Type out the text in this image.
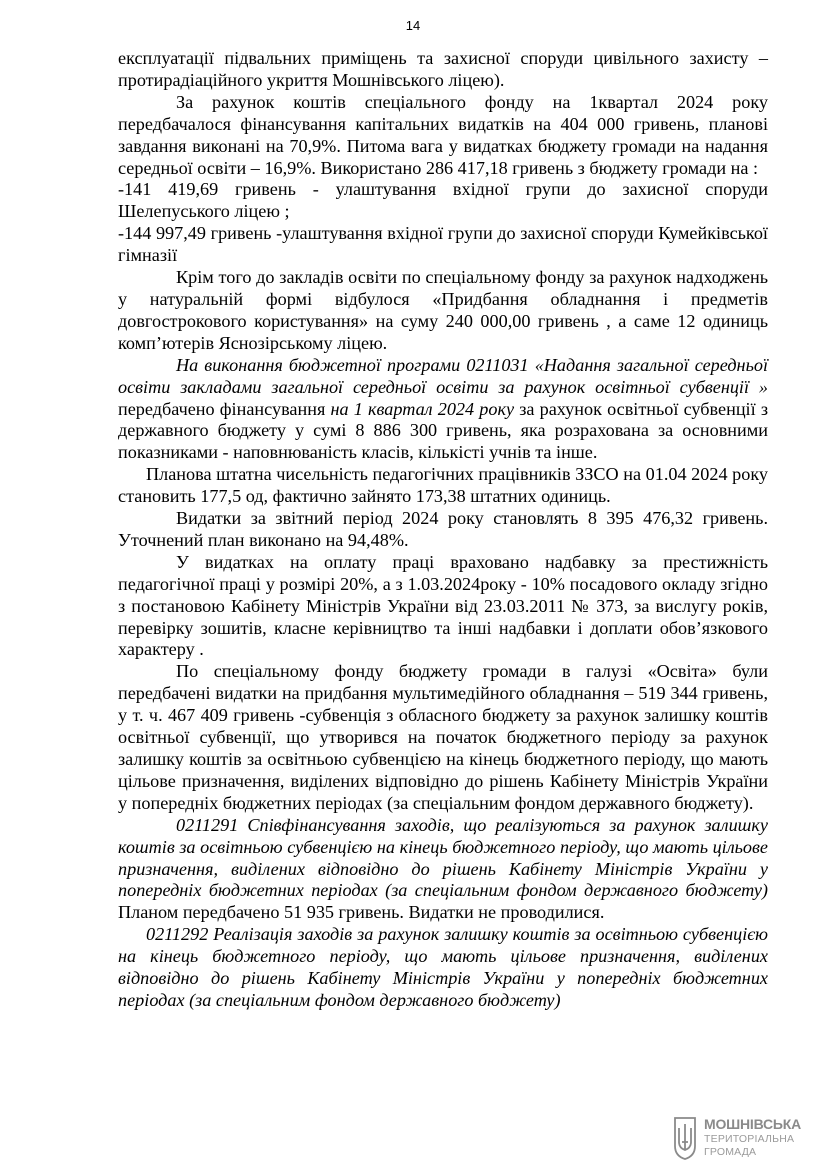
14

експлуатації підвальних приміщень та захисної споруди цивільного захисту – протирадіаційного укриття Мошнівського ліцею).

За рахунок коштів спеціального фонду на 1квартал 2024 року передбачалося фінансування капітальних видатків на 404 000 гривень, планові завдання виконані на 70,9%. Питома вага у видатках бюджету громади на надання середньої освіти – 16,9%. Використано 286 417,18 гривень з бюджету громади на :

-141 419,69 гривень - улаштування вхідної групи до захисної споруди Шелепуського ліцею ;

-144 997,49 гривень -улаштування вхідної групи до захисної споруди Кумейківської гімназії

Крім того до закладів освіти по спеціальному фонду за рахунок надходжень у натуральній формі відбулося «Придбання обладнання і предметів довгострокового користування» на суму 240 000,00 гривень , а саме 12 одиниць комп’ютерів Яснозірському ліцею.

На виконання бюджетної програми 0211031 «Надання загальної середньої освіти закладами загальної середньої освіти за рахунок освітньої субвенції » передбачено фінансування на 1 квартал 2024 року за рахунок освітньої субвенції з державного бюджету у сумі 8 886 300 гривень, яка розрахована за основними показниками - наповнюваність класів, кількісті учнів та інше.

Планова штатна чисельність педагогічних працівників ЗЗСО на 01.04 2024 року становить 177,5 од, фактично зайнято 173,38 штатних одиниць.

Видатки за звітний період 2024 року становлять 8 395 476,32 гривень. Уточнений план виконано на 94,48%.

У видатках на оплату праці враховано надбавку за престижність педагогічної праці у розмірі 20%, а з 1.03.2024року - 10% посадового окладу згідно з постановою Кабінету Міністрів України від 23.03.2011 № 373, за вислугу років, перевірку зошитів, класне керівництво та інші надбавки і доплати обов’язкового характеру .

По спеціальному фонду бюджету громади в галузі «Освіта» були передбачені видатки на придбання мультимедійного обладнання – 519 344 гривень, у т. ч. 467 409 гривень -субвенція з обласного бюджету за рахунок залишку коштів освітньої субвенції, що утворився на початок бюджетного періоду за рахунок залишку коштів за освітньою субвенцією на кінець бюджетного періоду, що мають цільове призначення, виділених відповідно до рішень Кабінету Міністрів України у попередніх бюджетних періодах (за спеціальним фондом державного бюджету).

0211291 Співфінансування заходів, що реалізуються за рахунок залишку коштів за освітньою субвенцією на кінець бюджетного періоду, що мають цільове призначення, виділених відповідно до рішень Кабінету Міністрів України у попередніх бюджетних періодах (за спеціальним фондом державного бюджету) Планом передбачено 51 935 гривень. Видатки не проводилися.

0211292 Реалізація заходів за рахунок залишку коштів за освітньою субвенцією на кінець бюджетного періоду, що мають цільове призначення, виділених відповідно до рішень Кабінету Міністрів України у попередніх бюджетних періодах (за спеціальним фондом державного бюджету)

МОШНІВСЬКА
ТЕРИТОРІАЛЬНА
ГРОМАДА
